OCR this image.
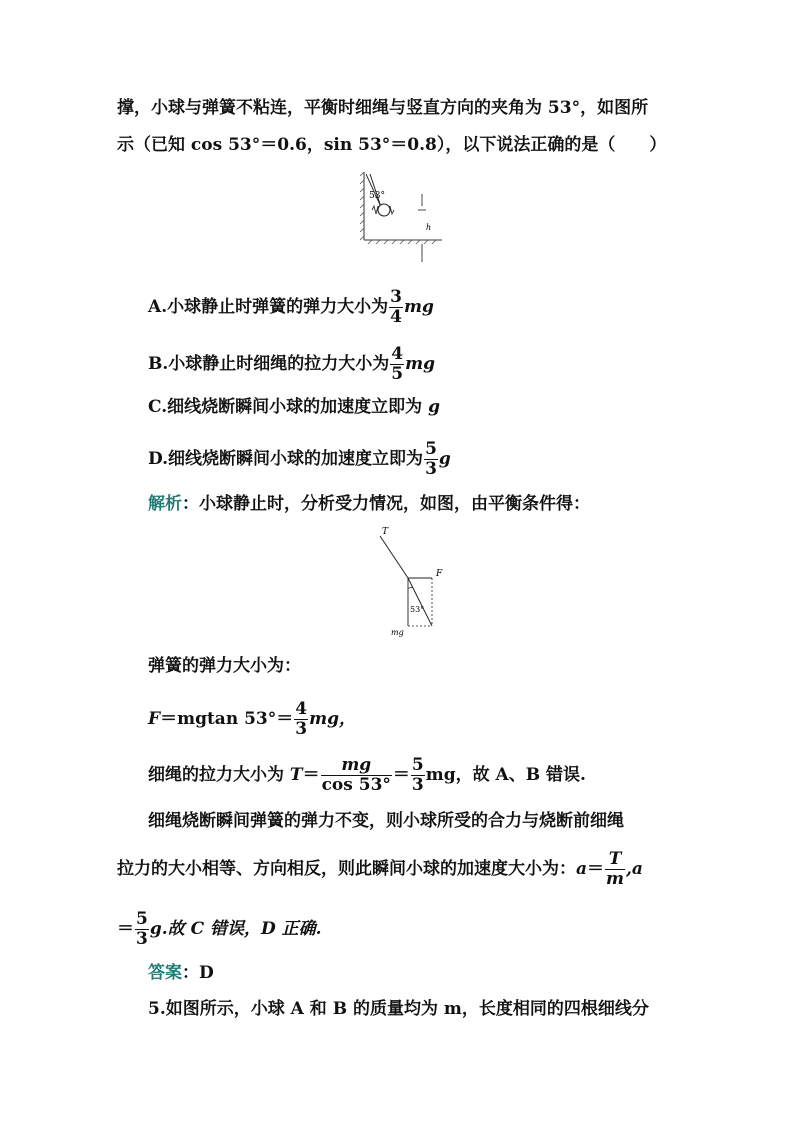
撑，小球与弹簧不粘连，平衡时细绳与竖直方向的夹角为 53°，如图所
示（已知 cos 53°＝0.6，sin 53°＝0.8），以下说法正确的是（　　）
53°
h
A.小球静止时弹簧的弹力大小为 $\frac{3}{4}$ mg
B.小球静止时细绳的拉力大小为 $\frac{4}{5}$ mg
C.细线烧断瞬间小球的加速度立即为 g
D.细线烧断瞬间小球的加速度立即为 $\frac{5}{3}$ g
解析：小球静止时，分析受力情况，如图，由平衡条件得：
T
F
53°
mg
弹簧的弹力大小为：
F＝mgtan $53^\circ= \frac{4}{3}$ mg，
细绳的拉力大小为 $T= \frac{mg}{\cos 53^\circ} = \frac{5}{3}$ mg，故 A、B 错误.
细绳烧断瞬间弹簧的弹力不变，则小球所受的合力与烧断前细绳
拉力的大小相等、方向相反，则此瞬间小球的加速度大小为：$a= \frac{T}{m} ,a$
＝ $\frac{5}{3} g$.故 C 错误，D 正确.
答案：D
5.如图所示，小球 A 和 B 的质量均为 m，长度相同的四根细线分
